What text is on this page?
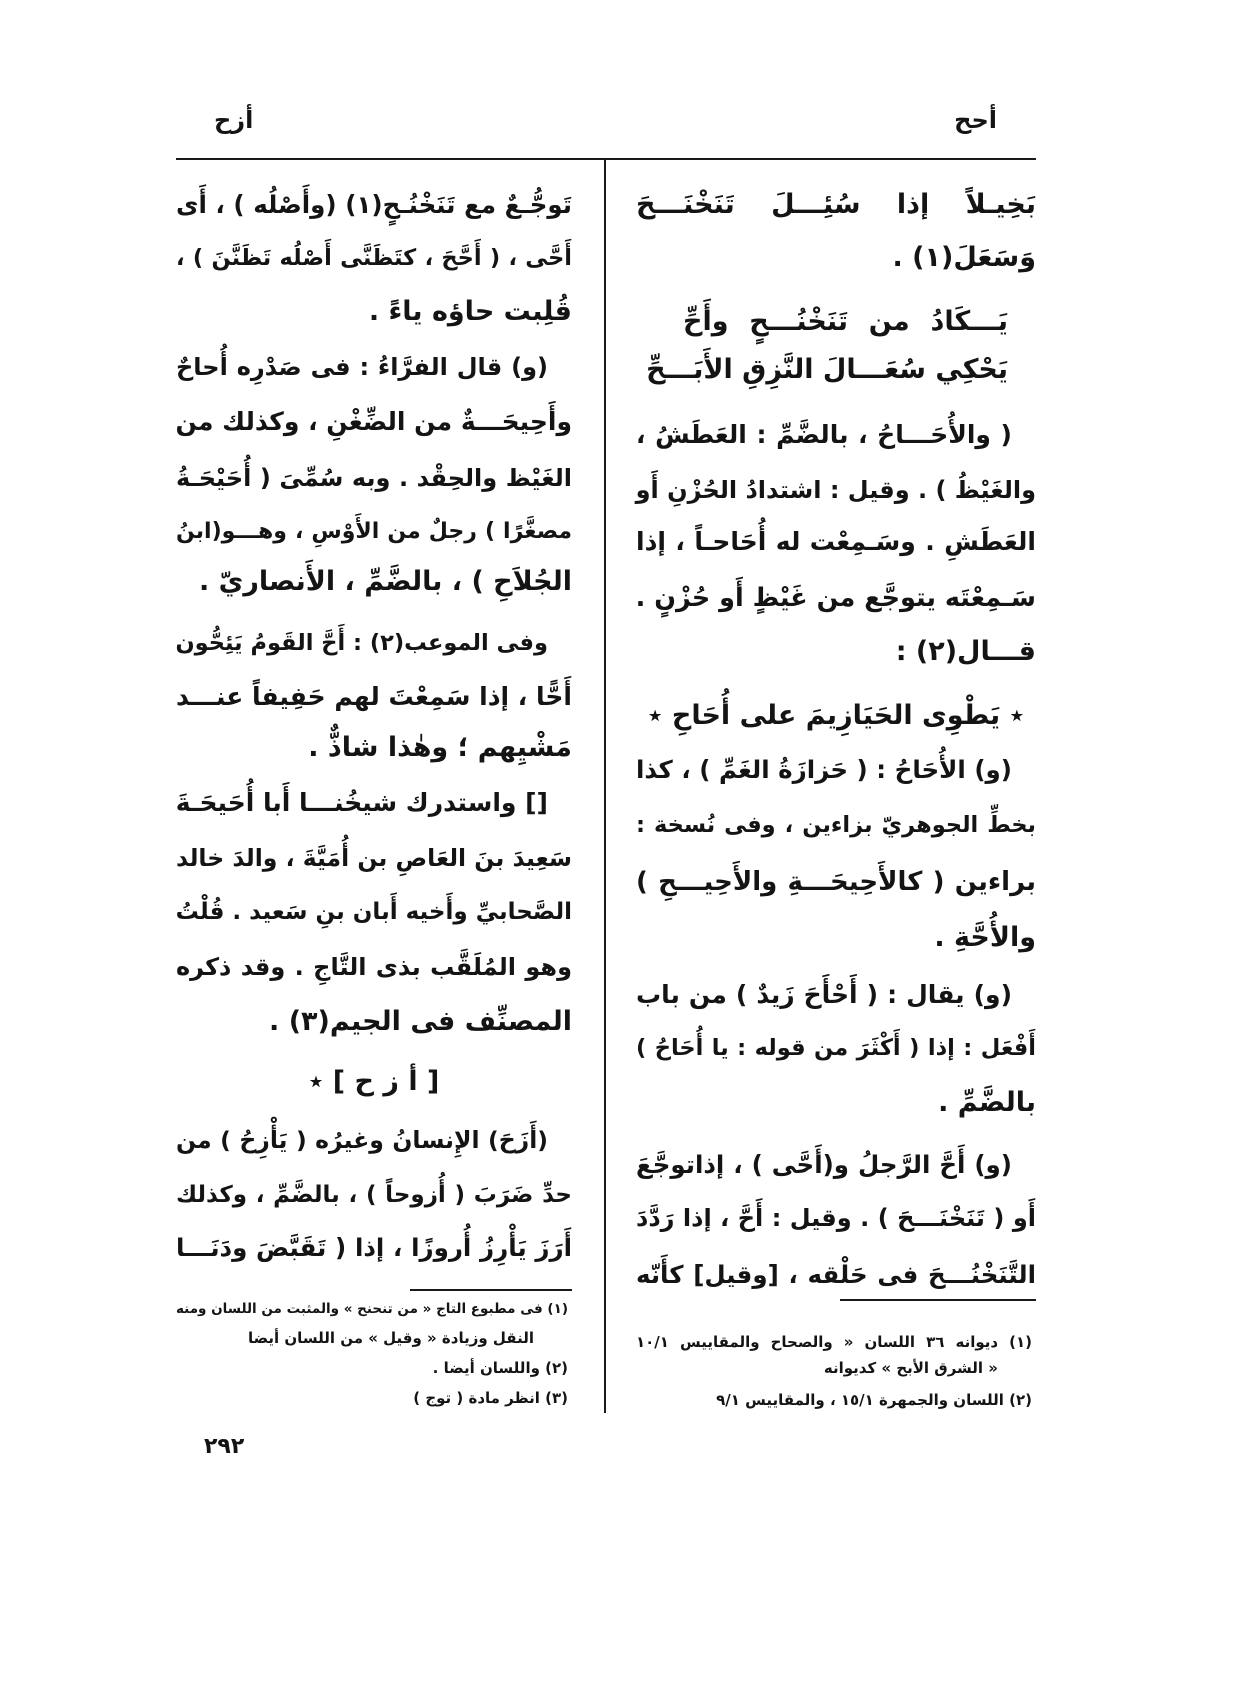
أحح
أزح
بَخِيـلاً إذا سُئِـــلَ تَنَخْنَـــحَ
وَسَعَلَ(١) .
يَـــكَادُ من تَنَخْنُـــحٍ وأَحِّ
يَحْكِي سُعَـــالَ النَّزِقِ الأَبَـــحِّ
( والأُحَـــاحُ ، بالضَّمِّ : العَطَشُ ،
والغَيْظُ ) . وقيل : اشتدادُ الحُزْنِ أَو
العَطَشِ . وسَـمِعْت له أُحَاحـاً ، إذا
سَـمِعْتَه يتوجَّع من غَيْظٍ أَو حُزْنٍ .
قـــال(٢) :
٭ يَطْوِى الحَيَازِيمَ على أُحَاحِ ٭
(و) الأُحَاحُ : ( حَزازَةُ الغَمِّ ) ، كذا
بخطِّ الجوهريّ بزاءين ، وفى نُسخة :
براءين ( كالأَحِيحَـــةِ والأَحِيـــحِ )
والأُحَّةِ .
(و) يقال : ( أَحْأَحَ زَيدٌ ) من باب
أَفْعَل : إذا ( أَكْثَرَ من قوله : يا أُحَاحُ )
بالضَّمِّ .
(و) أَحَّ الرَّجلُ و(أَحَّى ) ، إذاتوجَّعَ
أَو ( تَنَخْنَـــحَ ) . وقيل : أَحَّ ، إذا رَدَّدَ
التَّنَخْنُـــحَ فى حَلْقه ، [وقيل] كأَنّه
(١) ديوانه ٣٦ اللسان « والصحاح والمقاييس ١٠/١
« الشرق الأبح » كديوانه
(٢) اللسان والجمهرة ١٥/١ ، والمقاييس ٩/١
تَوجُّـعٌ مع تَنَخْنُـحٍ(١) (وأَصْلُه ) ، أَى
أَحَّى ، ( أَحَّحَ ، كتَظَنَّى أَصْلُه تَظَنَّنَ ) ،
قُلِبت حاؤه ياءً .
(و) قال الفرَّاءُ : فى صَدْرِه أُحاحٌ
وأَحِيحَـــةٌ من الضِّغْنِ ، وكذلك من
الغَيْظ والحِقْد . وبه سُمِّىَ ( أُحَيْحَـةُ
مصغَّرًا ) رجلٌ من الأَوْسِ ، وهـــو(ابنُ
الجُلاَحِ ) ، بالضَّمِّ ، الأَنصاريّ .
وفى الموعب(٢) : أَحَّ القَومُ يَئِحُّون
أَحًّا ، إذا سَمِعْتَ لهم حَفِيفاً عنـــد
مَشْيِهم ؛ وهٰذا شاذٌّ .
[] واستدرك شيخُنـــا أَبا أُحَيحَـةَ
سَعِيدَ بنَ العَاصِ بن أُمَيَّةَ ، والدَ خالد
الصَّحابيِّ وأَخيه أَبان بنِ سَعيد . قُلْتُ
وهو المُلَقَّب بذى التَّاجِ . وقد ذكره
المصنِّف فى الجيم(٣) .
[ أ ز ح ] ٭
(أَزَحَ) الإِنسانُ وغيرُه ( يَأْزِحُ ) من
حدِّ ضَرَبَ ( أُزوحاً ) ، بالضَّمِّ ، وكذلك
أَرَزَ يَأْرِزُ أُروزًا ، إذا ( تَقَبَّضَ ودَنَـــا
(١) فى مطبوع التاج « من تنحنح » والمثبت من اللسان ومنه
النقل وزيادة « وقيل » من اللسان أيضا
(٢) واللسان أيضا .
(٣) انظر مادة ( توج )
٢٩٢
